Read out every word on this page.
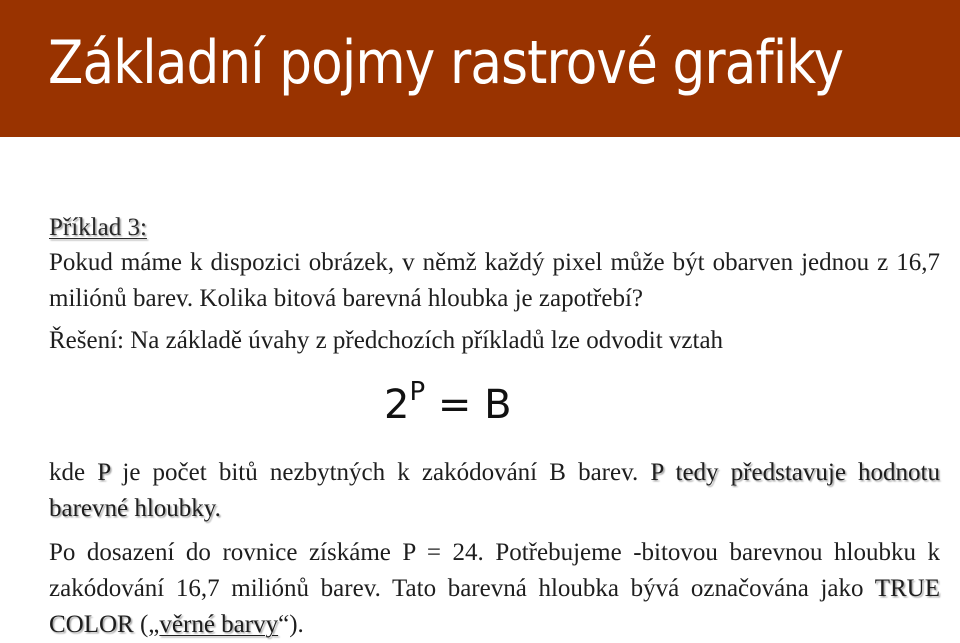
Základní pojmy rastrové grafiky
Příklad 3:
Pokud máme k dispozici obrázek, v němž každý pixel může být obarven jednou z 16,7 miliónů barev. Kolika bitová barevná hloubka je zapotřebí?
Řešení: Na základě úvahy z předchozích příkladů lze odvodit vztah
$2^P = B$
kde P je počet bitů nezbytných k zakódování B barev. P tedy představuje hodnotu barevné hloubky.
Po dosazení do rovnice získáme P = 24. Potřebujeme -bitovou barevnou hloubku k zakódování 16,7 miliónů barev. Tato barevná hloubka bývá označována jako TRUE COLOR („věrné barvy“).
